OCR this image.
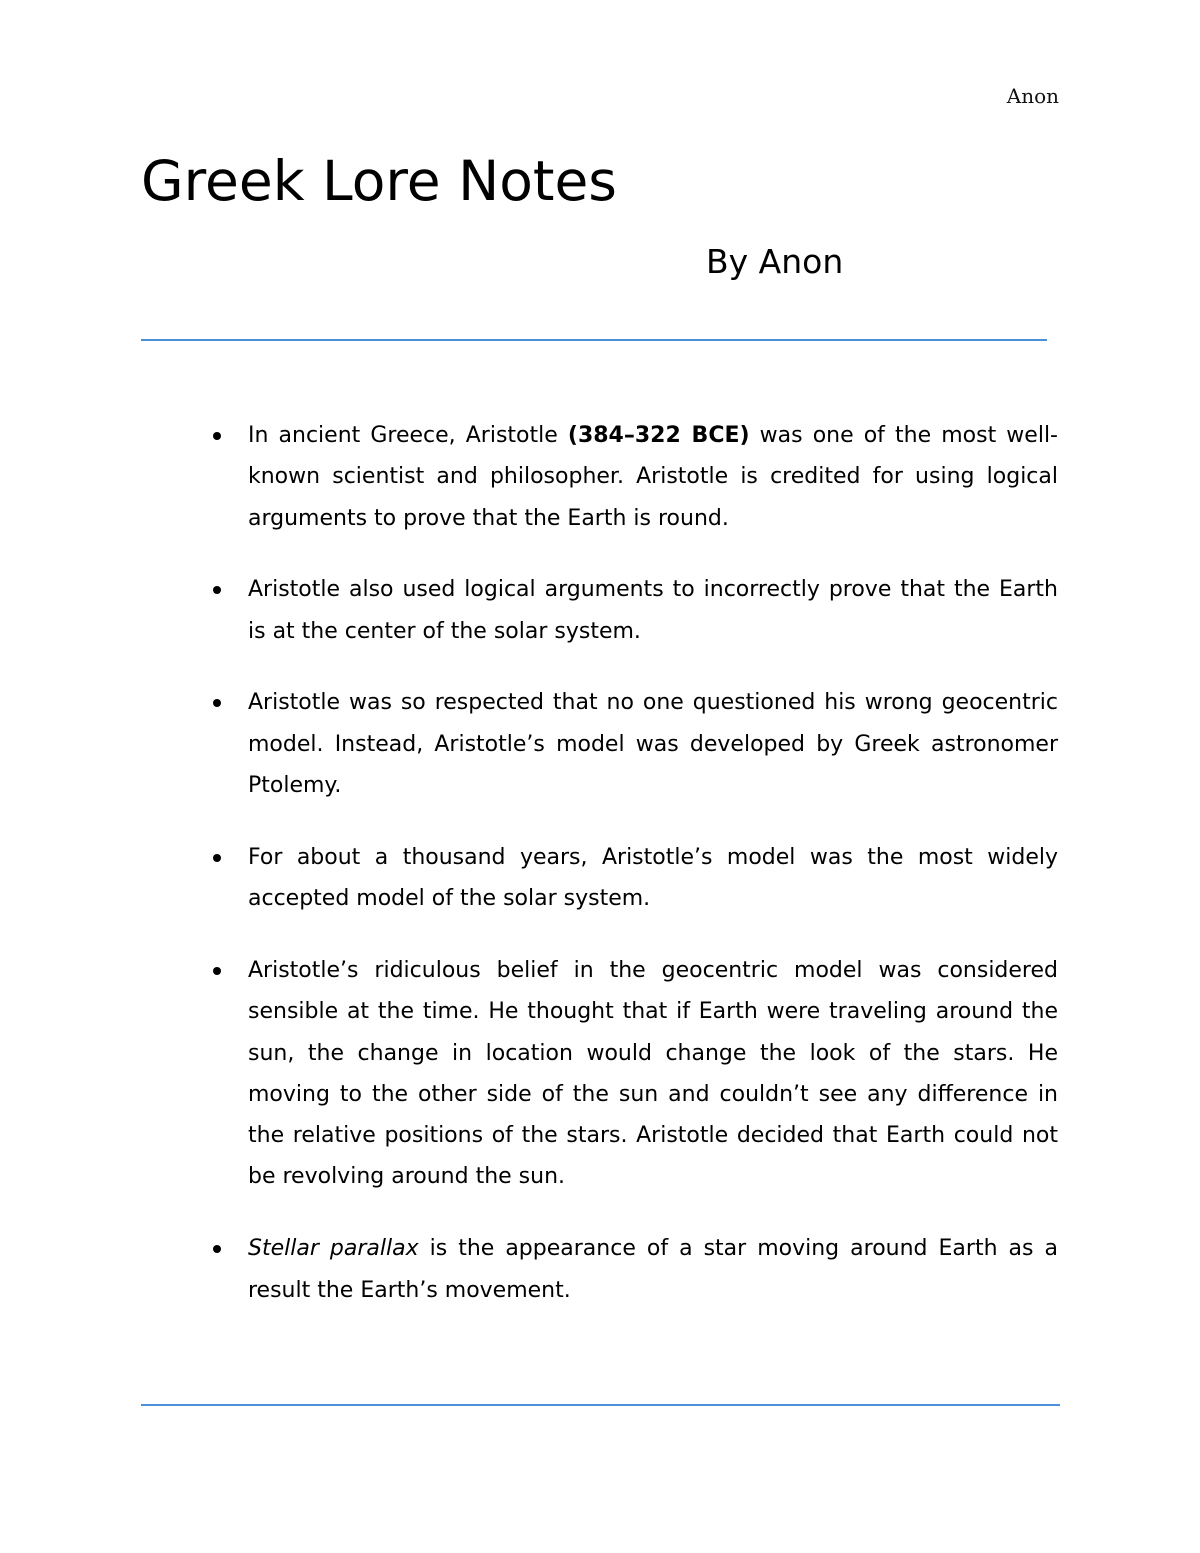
Anon
Greek Lore Notes

By Anon

In ancient Greece, Aristotle (384–322 BCE) was one of the most well-known scientist and philosopher. Aristotle is credited for using logical arguments to prove that the Earth is round.
Aristotle also used logical arguments to incorrectly prove that the Earth is at the center of the solar system.
Aristotle was so respected that no one questioned his wrong geocentric model. Instead, Aristotle’s model was developed by Greek astronomer Ptolemy.
For about a thousand years, Aristotle’s model was the most widely accepted model of the solar system.
Aristotle’s ridiculous belief in the geocentric model was considered sensible at the time. He thought that if Earth were traveling around the sun, the change in location would change the look of the stars. He moving to the other side of the sun and couldn’t see any difference in the relative positions of the stars. Aristotle decided that Earth could not be revolving around the sun.
Stellar parallax is the appearance of a star moving around Earth as a result the Earth’s movement.
